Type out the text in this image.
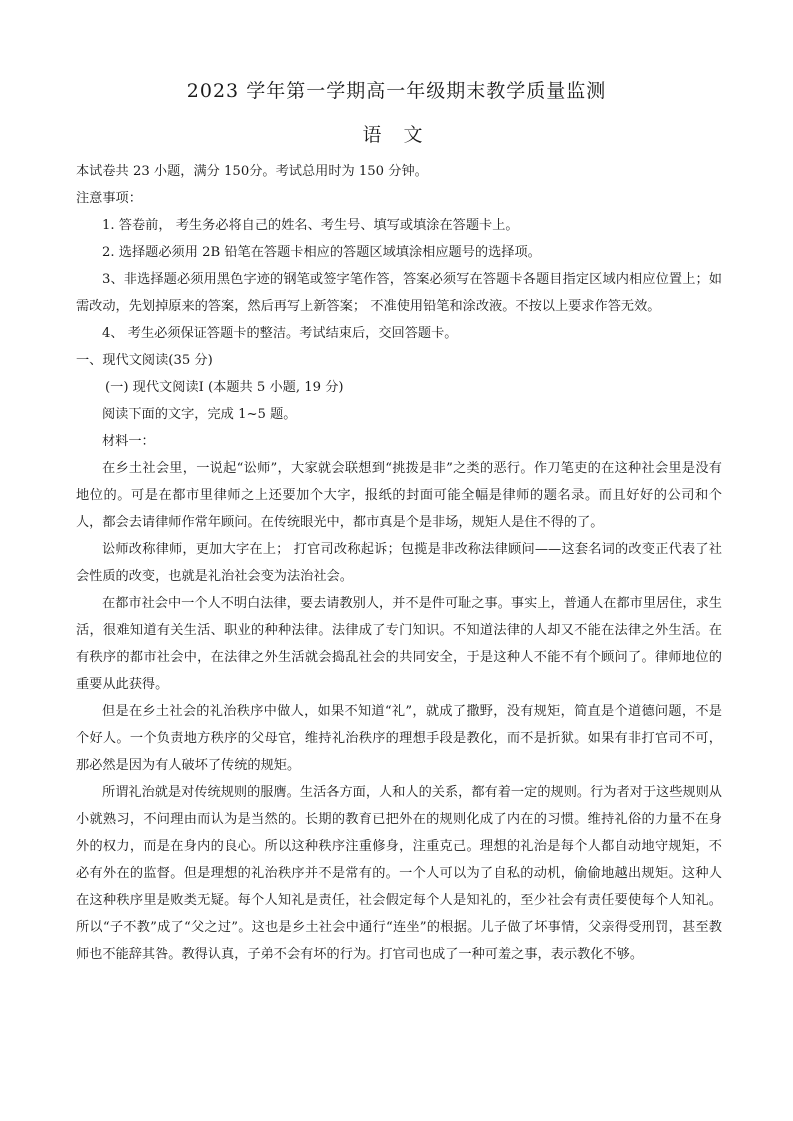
2023 学年第一学期高一年级期末教学质量监测
语 文

本试卷共 23 小题，满分 150分。考试总用时为 150 分钟。

注意事项：

1. 答卷前， 考生务必将自己的姓名、考生号、填写或填涂在答题卡上。

2. 选择题必须用 2B 铅笔在答题卡相应的答题区域填涂相应题号的选择项。

3、非选择题必须用黑色字迹的钢笔或签字笔作答，答案必须写在答题卡各题目指定区域内相应位置上；如需改动，先划掉原来的答案，然后再写上新答案； 不准使用铅笔和涂改液。不按以上要求作答无效。

4、 考生必须保证答题卡的整洁。考试结束后，交回答题卡。

一、现代文阅读(35 分)

(一) 现代文阅读Ⅰ (本题共 5 小题, 19 分)

阅读下面的文字，完成 1~5 题。

材料一：

在乡土社会里，一说起“讼师”，大家就会联想到“挑拨是非”之类的恶行。作刀笔吏的在这种社会里是没有地位的。可是在都市里律师之上还要加个大字，报纸的封面可能全幅是律师的题名录。而且好好的公司和个人，都会去请律师作常年顾问。在传统眼光中，都市真是个是非场，规矩人是住不得的了。

讼师改称律师，更加大字在上； 打官司改称起诉；包揽是非改称法律顾问——这套名词的改变正代表了社会性质的改变，也就是礼治社会变为法治社会。

在都市社会中一个人不明白法律，要去请教别人，并不是件可耻之事。事实上，普通人在都市里居住，求生活，很难知道有关生活、职业的种种法律。法律成了专门知识。不知道法律的人却又不能在法律之外生活。在有秩序的都市社会中，在法律之外生活就会捣乱社会的共同安全，于是这种人不能不有个顾问了。律师地位的重要从此获得。

但是在乡土社会的礼治秩序中做人，如果不知道“礼”，就成了撒野，没有规矩，简直是个道德问题，不是个好人。一个负责地方秩序的父母官，维持礼治秩序的理想手段是教化，而不是折狱。如果有非打官司不可，那必然是因为有人破坏了传统的规矩。

所谓礼治就是对传统规则的服膺。生活各方面，人和人的关系，都有着一定的规则。行为者对于这些规则从小就熟习，不问理由而认为是当然的。长期的教育已把外在的规则化成了内在的习惯。维持礼俗的力量不在身外的权力，而是在身内的良心。所以这种秩序注重修身，注重克己。理想的礼治是每个人都自动地守规矩，不必有外在的监督。但是理想的礼治秩序并不是常有的。一个人可以为了自私的动机，偷偷地越出规矩。这种人在这种秩序里是败类无疑。每个人知礼是责任，社会假定每个人是知礼的，至少社会有责任要使每个人知礼。所以“子不教”成了“父之过”。这也是乡土社会中通行“连坐”的根据。儿子做了坏事情，父亲得受刑罚，甚至教师也不能辞其咎。教得认真，子弟不会有坏的行为。打官司也成了一种可羞之事，表示教化不够。
